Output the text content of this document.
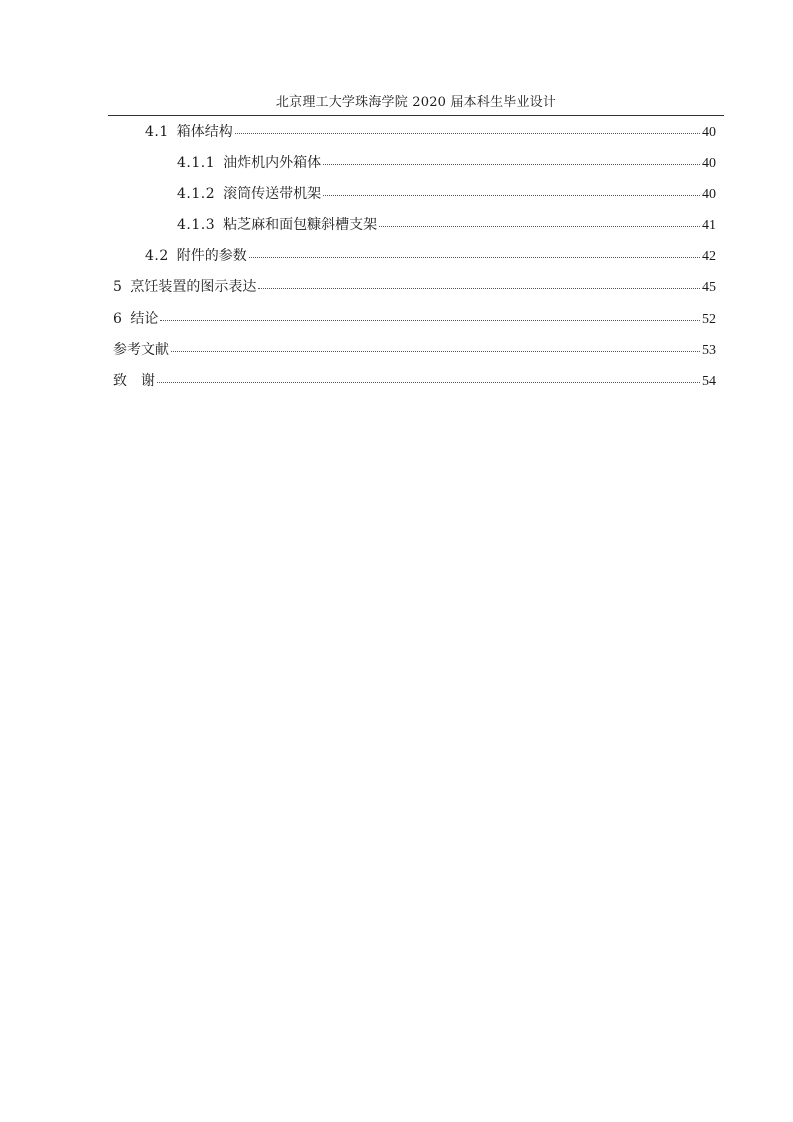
北京理工大学珠海学院 2020 届本科生毕业设计
4.1 箱体结构	40
4.1.1 油炸机内外箱体	40
4.1.2 滚筒传送带机架	40
4.1.3 粘芝麻和面包糠斜槽支架	41
4.2 附件的参数	42
5 烹饪装置的图示表达	45
6 结论	52
参考文献	53
致　谢	54
